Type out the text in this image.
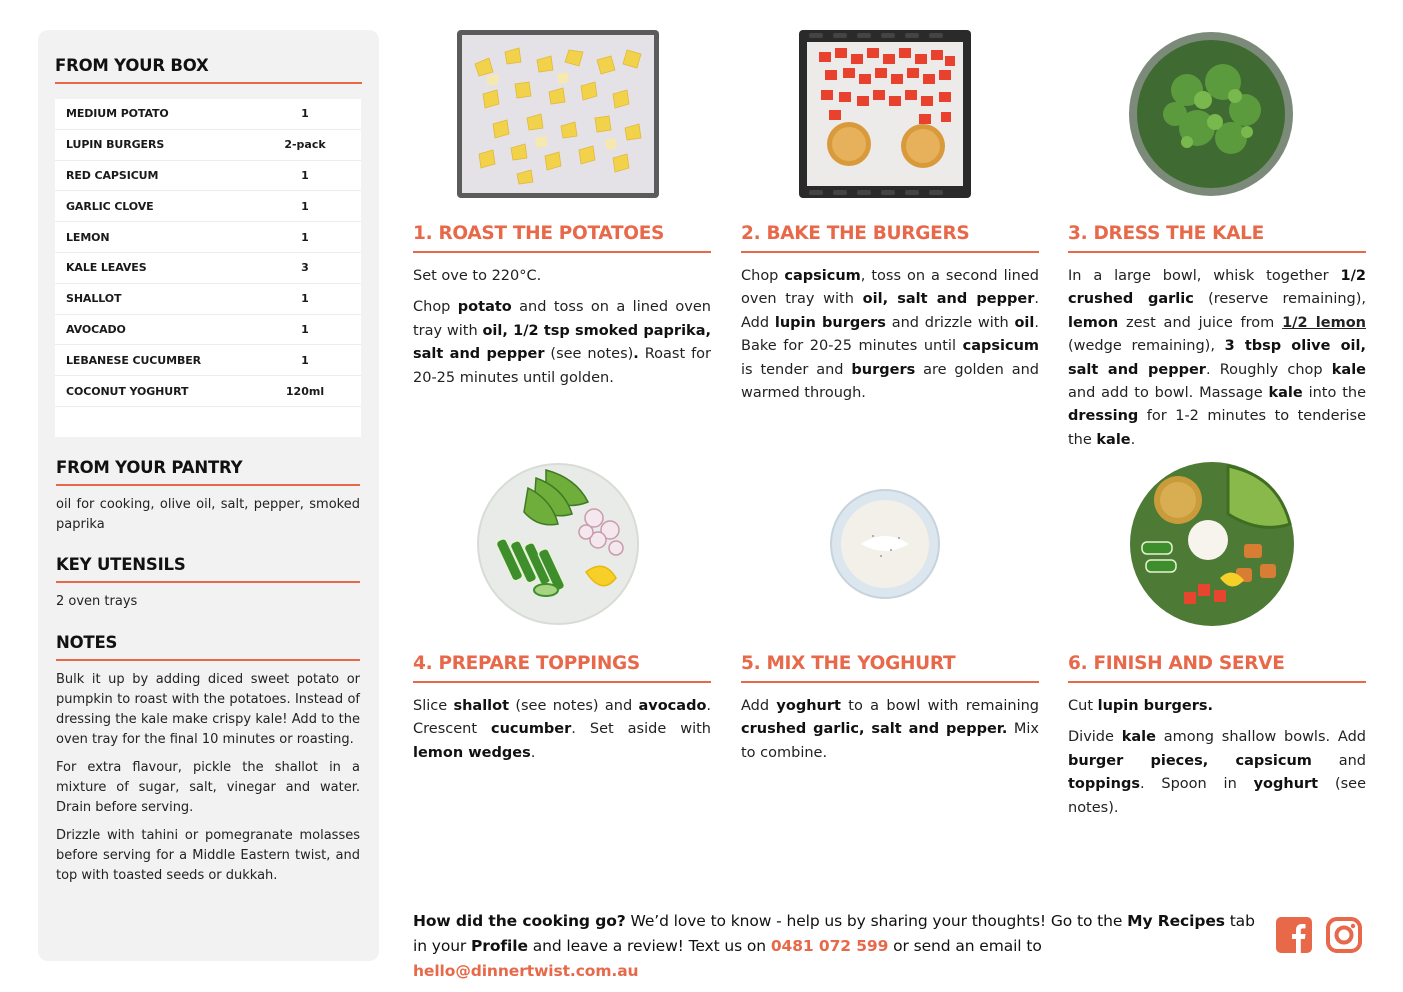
FROM YOUR BOX
MEDIUM POTATO	1
LUPIN BURGERS	2-pack
RED CAPSICUM	1
GARLIC CLOVE	1
LEMON	1
KALE LEAVES	3
SHALLOT	1
AVOCADO	1
LEBANESE CUCUMBER	1
COCONUT YOGHURT	120ml
FROM YOUR PANTRY
oil for cooking, olive oil, salt, pepper, smoked paprika
KEY UTENSILS
2 oven trays
NOTES

Bulk it up by adding diced sweet potato or pumpkin to roast with the potatoes. Instead of dressing the kale make crispy kale! Add to the oven tray for the final 10 minutes or roasting.

For extra flavour, pickle the shallot in a mixture of sugar, salt, vinegar and water. Drain before serving.

Drizzle with tahini or pomegranate molasses before serving for a Middle Eastern twist, and top with toasted seeds or dukkah.

1. ROAST THE POTATOES

Set ove to 220°C.

Chop potato and toss on a lined oven tray with oil, 1/2 tsp smoked paprika, salt and pepper (see notes). Roast for 20-25 minutes until golden.

2. BAKE THE BURGERS

Chop capsicum, toss on a second lined oven tray with oil, salt and pepper. Add lupin burgers and drizzle with oil. Bake for 20-25 minutes until capsicum is tender and burgers are golden and warmed through.

3. DRESS THE KALE

In a large bowl, whisk together 1/2 crushed garlic (reserve remaining), lemon zest and juice from 1/2 lemon (wedge remaining), 3 tbsp olive oil, salt and pepper. Roughly chop kale and add to bowl. Massage kale into the dressing for 1-2 minutes to tenderise the kale.

4. PREPARE TOPPINGS

Slice shallot (see notes) and avocado. Crescent cucumber. Set aside with lemon wedges.

5. MIX THE YOGHURT

Add yoghurt to a bowl with remaining crushed garlic, salt and pepper. Mix to combine.

6. FINISH AND SERVE

Cut lupin burgers.

Divide kale among shallow bowls. Add burger pieces, capsicum and toppings. Spoon in yoghurt (see notes).

How did the cooking go? We’d love to know - help us by sharing your thoughts! Go to the My Recipes tab in your Profile and leave a review! Text us on 0481 072 599 or send an email to hello@dinnertwist.com.au
